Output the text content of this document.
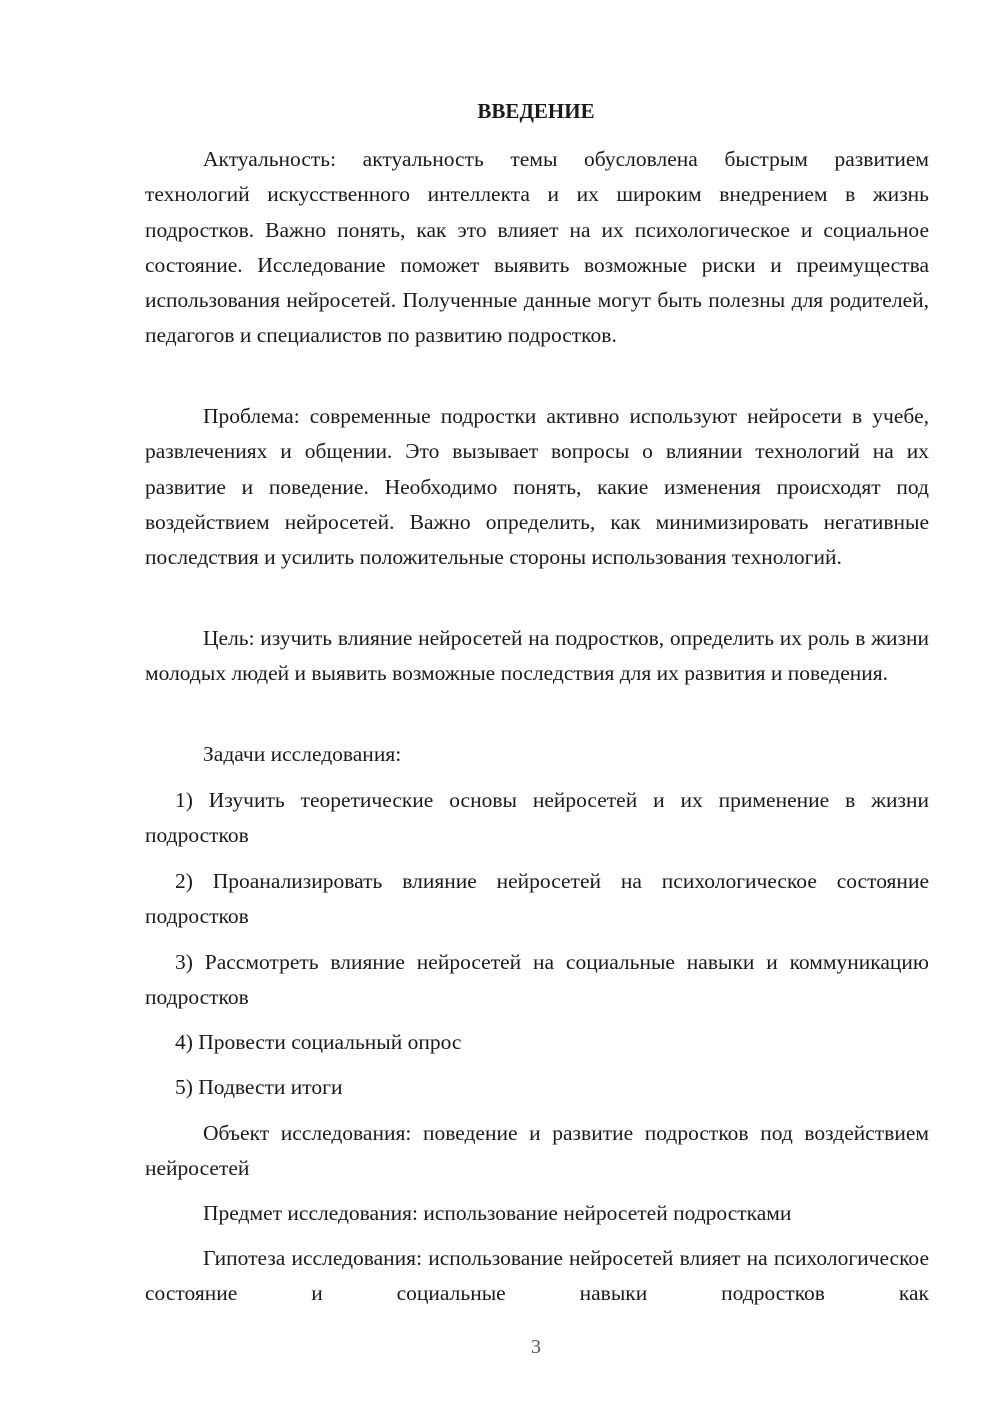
ВВЕДЕНИЕ

Актуальность: актуальность темы обусловлена быстрым развитием технологий искусственного интеллекта и их широким внедрением в жизнь подростков. Важно понять, как это влияет на их психологическое и социальное состояние. Исследование поможет выявить возможные риски и преимущества использования нейросетей. Полученные данные могут быть полезны для родителей, педагогов и специалистов по развитию подростков.

Проблема: современные подростки активно используют нейросети в учебе, развлечениях и общении. Это вызывает вопросы о влиянии технологий на их развитие и поведение. Необходимо понять, какие изменения происходят под воздействием нейросетей. Важно определить, как минимизировать негативные последствия и усилить положительные стороны использования технологий.

Цель: изучить влияние нейросетей на подростков, определить их роль в жизни молодых людей и выявить возможные последствия для их развития и поведения.

Задачи исследования:

1) Изучить теоретические основы нейросетей и их применение в жизни подростков

2) Проанализировать влияние нейросетей на психологическое состояние подростков

3) Рассмотреть влияние нейросетей на социальные навыки и коммуникацию подростков

4) Провести социальный опрос

5) Подвести итоги

Объект исследования: поведение и развитие подростков под воздействием нейросетей

Предмет исследования: использование нейросетей подростками

Гипотеза исследования: использование нейросетей влияет на психологическое состояние и социальные навыки подростков как

3
